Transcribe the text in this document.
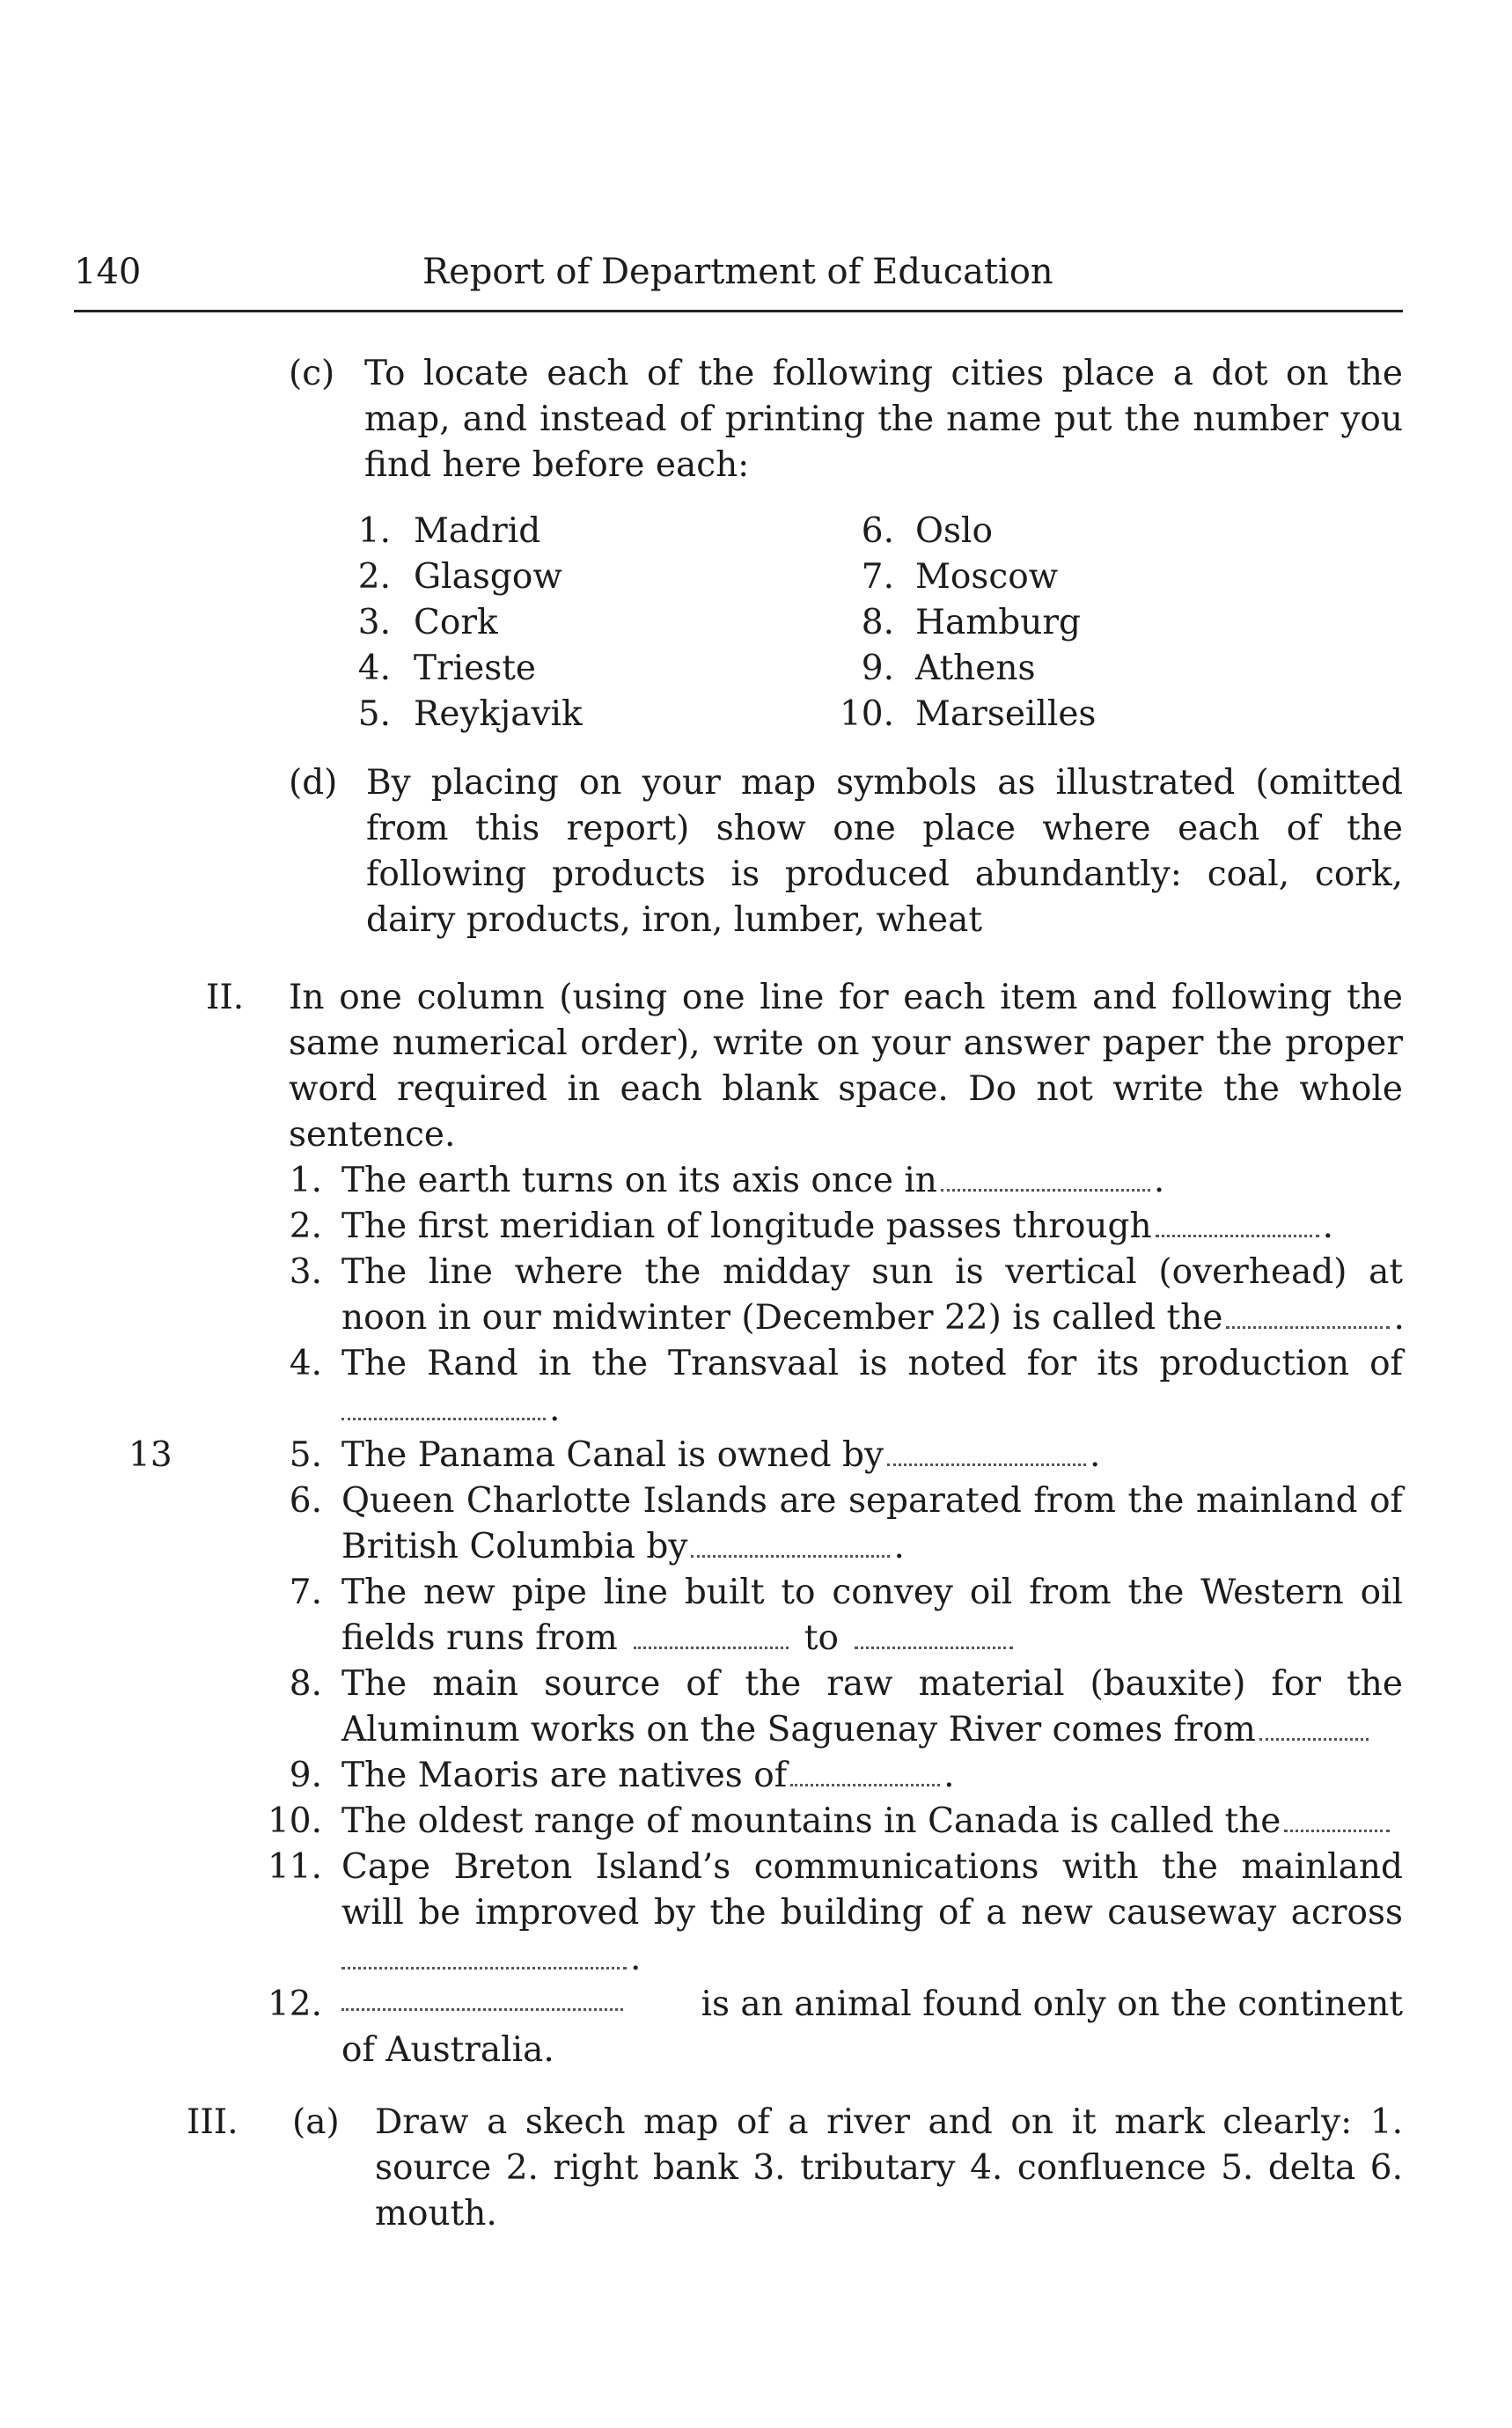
140	Report of Department of Education
(c) To locate each of the following cities place a dot on the map, and instead of printing the name put the number you find here before each:
1. Madrid
2. Glasgow
3. Cork
4. Trieste
5. Reykjavik
6. Oslo
7. Moscow
8. Hamburg
9. Athens
10. Marseilles
(d) By placing on your map symbols as illustrated (omitted from this report) show one place where each of the following products is produced abundantly: coal, cork, dairy products, iron, lumber, wheat
II. In one column (using one line for each item and following the same numerical order), write on your answer paper the proper word required in each blank space. Do not write the whole sentence.
1. The earth turns on its axis once in	.
2. The first meridian of longitude passes through	.
3. The line where the midday sun is vertical (overhead) at
noon in our midwinter (December 22) is called the	.
4. The Rand in the Transvaal is noted for its production of
.
13	5. The Panama Canal is owned by	.
6. Queen Charlotte Islands are separated from the mainland of
British Columbia by	.
7. The new pipe line built to convey oil from the Western oil
fields runs from	to
8. The main source of the raw material (bauxite) for the
Aluminum works on the Saguenay River comes from
9. The Maoris are natives of	.
10. The oldest range of mountains in Canada is called the
11. Cape Breton Island’s communications with the mainland
will be improved by the building of a new causeway across
.
12.	is an animal found only on the continent
of Australia.
III. (a) Draw a skech map of a river and on it mark clearly: 1. source 2. right bank 3. tributary 4. confluence 5. delta 6. mouth.
